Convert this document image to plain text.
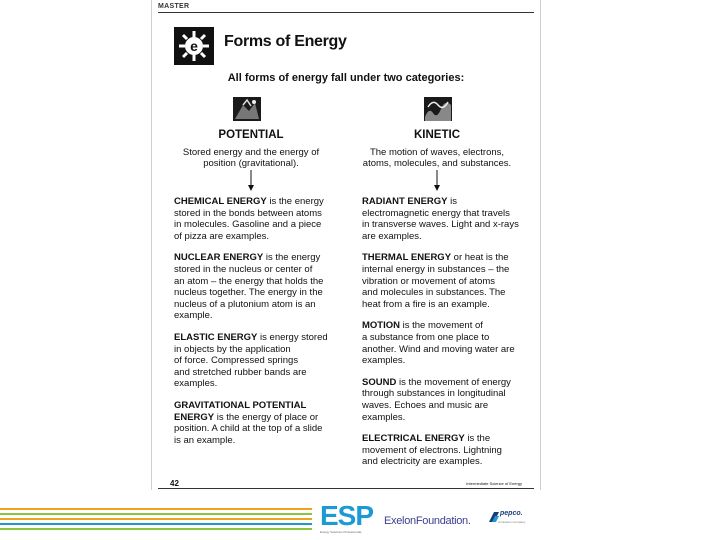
MASTER
e Forms of Energy
All forms of energy fall under two categories:
POTENTIAL
Stored energy and the energy of
position (gravitational).
KINETIC
The motion of waves, electrons,
atoms, molecules, and substances.

CHEMICAL ENERGY is the energy
stored in the bonds between atoms
in molecules. Gasoline and a piece
of pizza are examples.

NUCLEAR ENERGY is the energy
stored in the nucleus or center of
an atom – the energy that holds the
nucleus together. The energy in the
nucleus of a plutonium atom is an
example.

ELASTIC ENERGY is energy stored
in objects by the application
of force. Compressed springs
and stretched rubber bands are
examples.

GRAVITATIONAL POTENTIAL ENERGY is the energy of place or
position. A child at the top of a slide
is an example.

RADIANT ENERGY is
electromagnetic energy that travels
in transverse waves. Light and x-rays
are examples.

THERMAL ENERGY or heat is the
internal energy in substances – the
vibration or movement of atoms
and molecules in substances. The
heat from a fire is an example.

MOTION is the movement of
a substance from one place to
another. Wind and moving water are
examples.

SOUND is the movement of energy
through substances in longitudinal
waves. Echoes and music are
examples.

ELECTRICAL ENERGY is the
movement of electrons. Lightning
and electricity are examples.

42	Intermediate Science of Energy
ESP
Energy Solutions Professionals
ExelonFoundation.
pepco.
An Exelon Company
